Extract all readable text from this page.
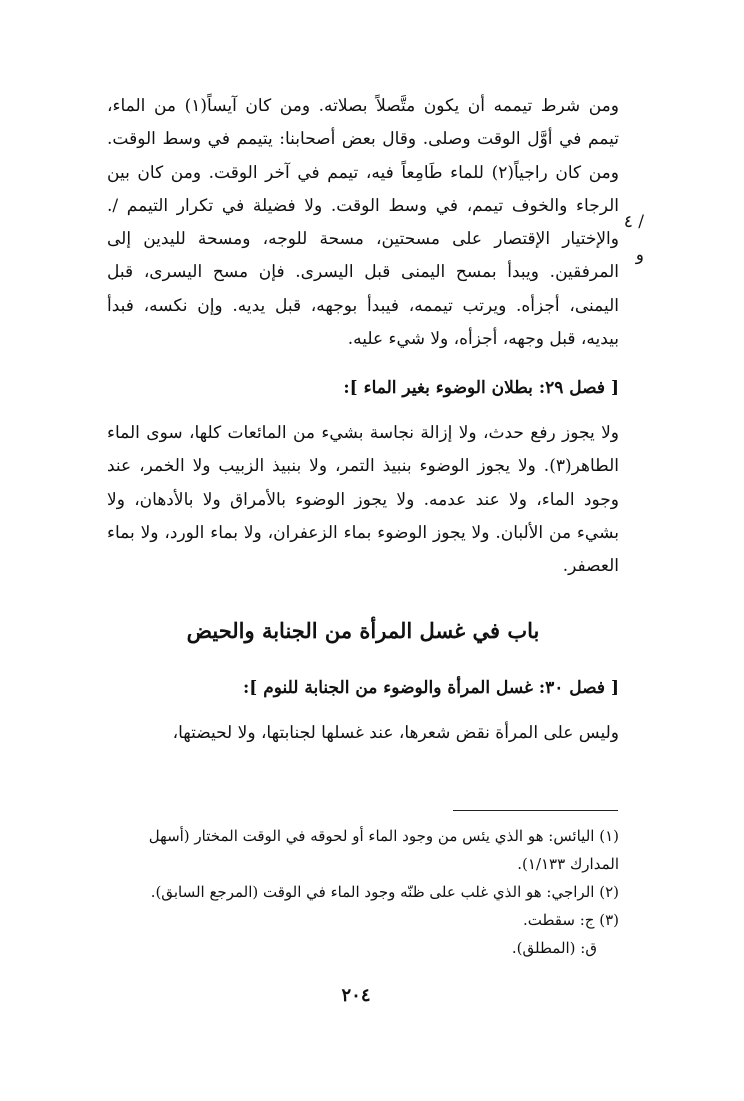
/ ٤ و
ومن شرط تيممه أن يكون متَّصلاً بصلاته. ومن كان آيساً(١) من الماء، تيمم في أوَّل الوقت وصلى. وقال بعض أصحابنا: يتيمم في وسط الوقت. ومن كان راجياً(٢) للماء طَامِعاً فيه، تيمم في آخر الوقت. ومن كان بين الرجاء والخوف تيمم، في وسط الوقت. ولا فضيلة في تكرار التيمم /. والإختيار الإقتصار على مسحتين، مسحة للوجه، ومسحة لليدين إلى المرفقين. ويبدأ بمسح اليمنى قبل اليسرى. فإن مسح اليسرى، قبل اليمنى، أجزأه. ويرتب تيممه، فيبدأ بوجهه، قبل يديه. وإن نكسه، فبدأ بيديه، قبل وجهه، أجزأه، ولا شيء عليه.
[ فصل ٢٩: بطلان الوضوء بغير الماء ]:
ولا يجوز رفع حدث، ولا إزالة نجاسة بشيء من المائعات كلها، سوى الماء الطاهر(٣). ولا يجوز الوضوء بنبيذ التمر، ولا بنبيذ الزبيب ولا الخمر، عند وجود الماء، ولا عند عدمه. ولا يجوز الوضوء بالأمراق ولا بالأدهان، ولا بشيء من الألبان. ولا يجوز الوضوء بماء الزعفران، ولا بماء الورد، ولا بماء العصفر.
باب في غسل المرأة من الجنابة والحيض
[ فصل ٣٠: غسل المرأة والوضوء من الجنابة للنوم ]:
وليس على المرأة نقض شعرها، عند غسلها لجنابتها، ولا لحيضتها،

(١) اليائس: هو الذي يئس من وجود الماء أو لحوقه في الوقت المختار (أسهل المدارك ١/١٣٣).

(٢) الراجي: هو الذي غلب على ظنّه وجود الماء في الوقت (المرجع السابق).

(٣) ج: سقطت.

ق: (المطلق).

٢٠٤
